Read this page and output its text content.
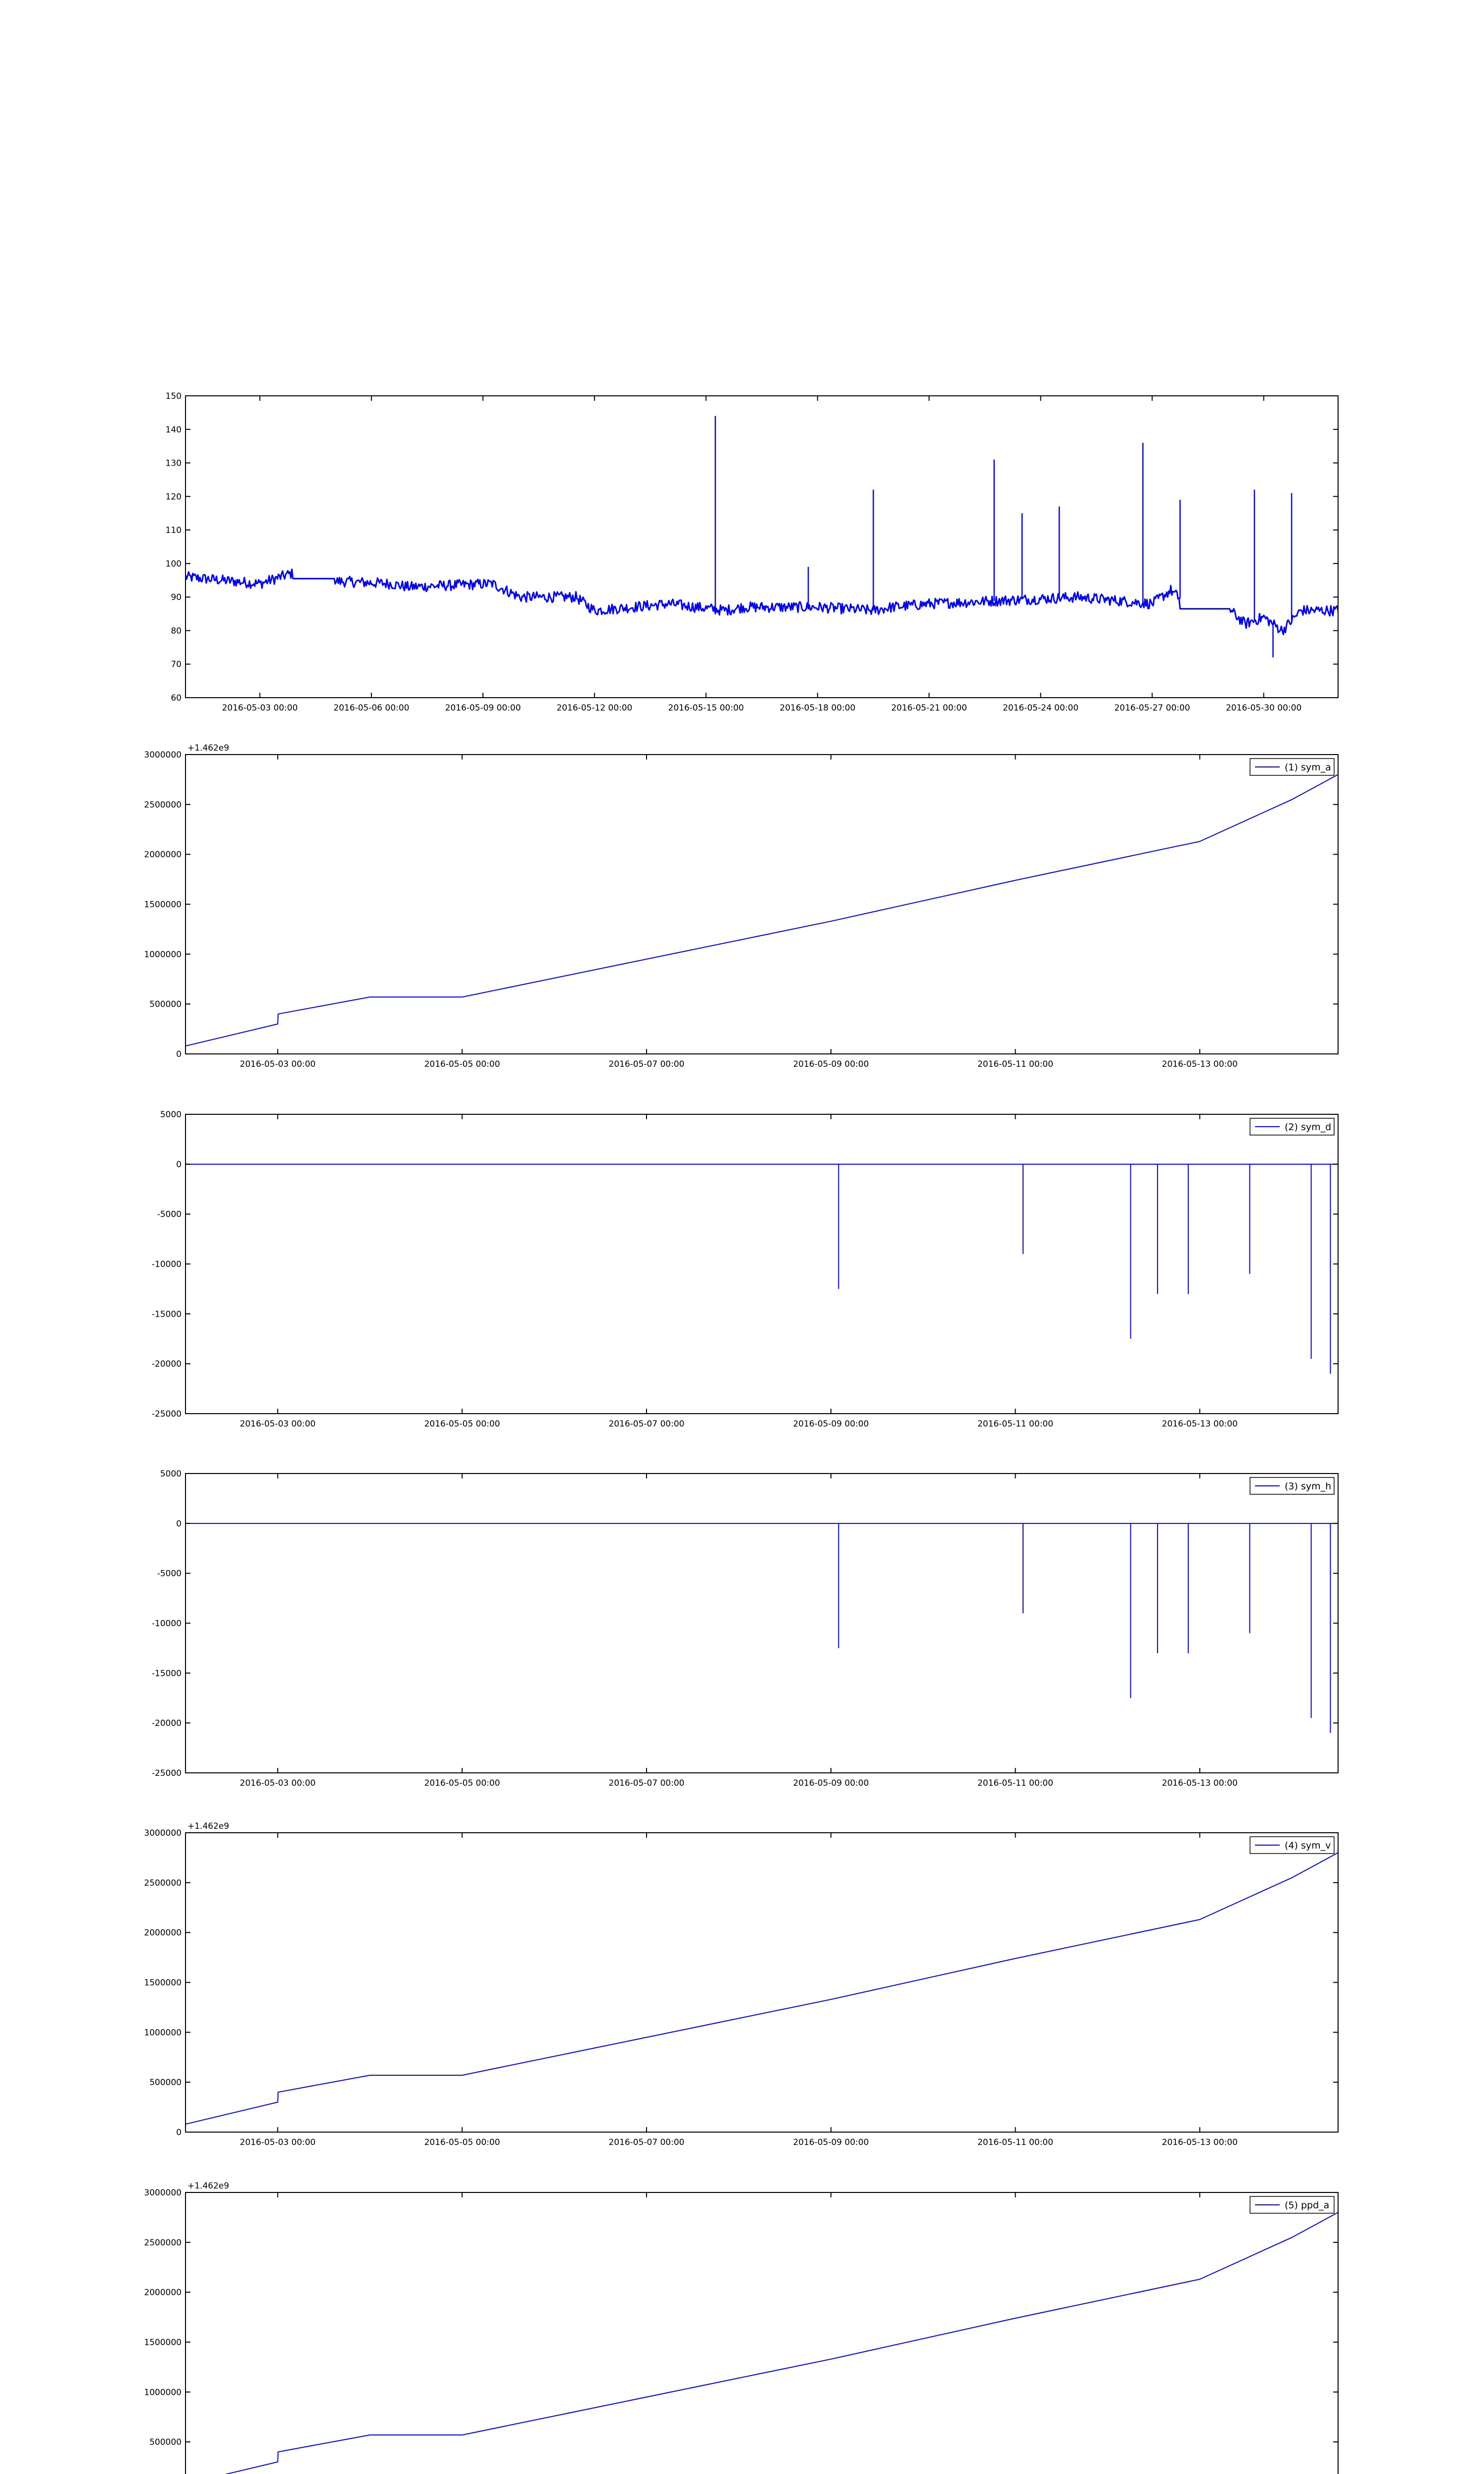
60
70
80
90
100
110
120
130
140
150
2016-05-03 00:00	2016-05-06 00:00	2016-05-09 00:00	2016-05-12 00:00	2016-05-15 00:00	2016-05-18 00:00	2016-05-21 00:00	2016-05-24 00:00	2016-05-27 00:00	2016-05-30 00:00
0
500000
1000000
1500000
2000000
2500000
3000000
2016-05-03 00:00	2016-05-05 00:00	2016-05-07 00:00	2016-05-09 00:00	2016-05-11 00:00	2016-05-13 00:00
+1.462e9
(1) sym_a
-25000
-20000
-15000
-10000
-5000
0
5000
2016-05-03 00:00	2016-05-05 00:00	2016-05-07 00:00	2016-05-09 00:00	2016-05-11 00:00	2016-05-13 00:00
(2) sym_d
-25000
-20000
-15000
-10000
-5000
0
5000
2016-05-03 00:00	2016-05-05 00:00	2016-05-07 00:00	2016-05-09 00:00	2016-05-11 00:00	2016-05-13 00:00
(3) sym_h
0
500000
1000000
1500000
2000000
2500000
3000000
2016-05-03 00:00	2016-05-05 00:00	2016-05-07 00:00	2016-05-09 00:00	2016-05-11 00:00	2016-05-13 00:00
+1.462e9
(4) sym_v
500000
1000000
1500000
2000000
2500000
3000000
+1.462e9
(5) ppd_a
